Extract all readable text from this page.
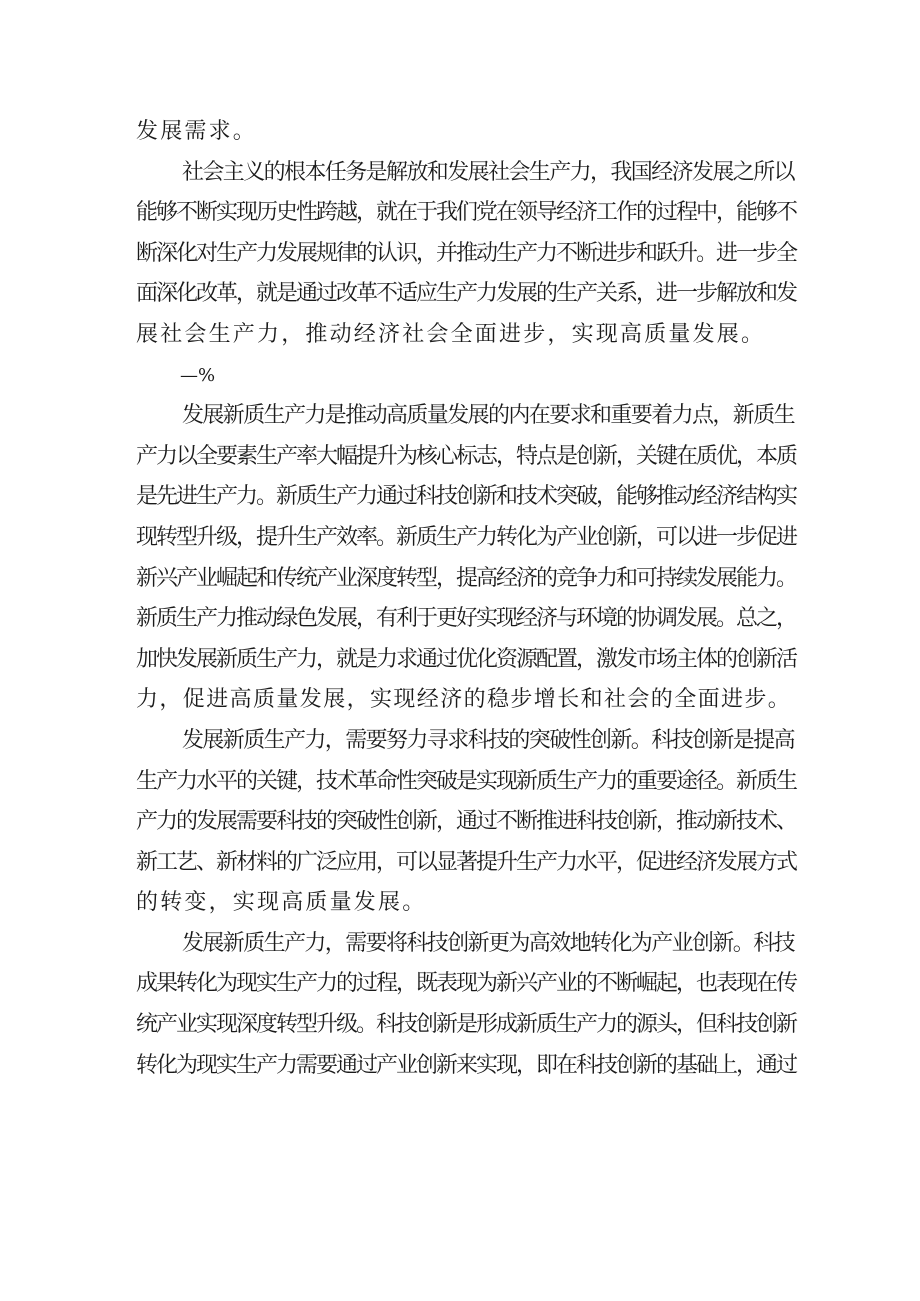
发展需求。
社会主义的根本任务是解放和发展社会生产力，我国经济发展之所以
能够不断实现历史性跨越，就在于我们党在领导经济工作的过程中，能够不
断深化对生产力发展规律的认识，并推动生产力不断进步和跃升。进一步全
面深化改革，就是通过改革不适应生产力发展的生产关系，进一步解放和发
展社会生产力，推动经济社会全面进步，实现高质量发展。
—%
发展新质生产力是推动高质量发展的内在要求和重要着力点，新质生
产力以全要素生产率大幅提升为核心标志，特点是创新，关键在质优，本质
是先进生产力。新质生产力通过科技创新和技术突破，能够推动经济结构实
现转型升级，提升生产效率。新质生产力转化为产业创新，可以进一步促进
新兴产业崛起和传统产业深度转型，提高经济的竞争力和可持续发展能力。
新质生产力推动绿色发展，有利于更好实现经济与环境的协调发展。总之，
加快发展新质生产力，就是力求通过优化资源配置，激发市场主体的创新活
力，促进高质量发展，实现经济的稳步增长和社会的全面进步。
发展新质生产力，需要努力寻求科技的突破性创新。科技创新是提高
生产力水平的关键，技术革命性突破是实现新质生产力的重要途径。新质生
产力的发展需要科技的突破性创新，通过不断推进科技创新，推动新技术、
新工艺、新材料的广泛应用，可以显著提升生产力水平，促进经济发展方式
的转变，实现高质量发展。
发展新质生产力，需要将科技创新更为高效地转化为产业创新。科技
成果转化为现实生产力的过程，既表现为新兴产业的不断崛起，也表现在传
统产业实现深度转型升级。科技创新是形成新质生产力的源头，但科技创新
转化为现实生产力需要通过产业创新来实现，即在科技创新的基础上，通过
